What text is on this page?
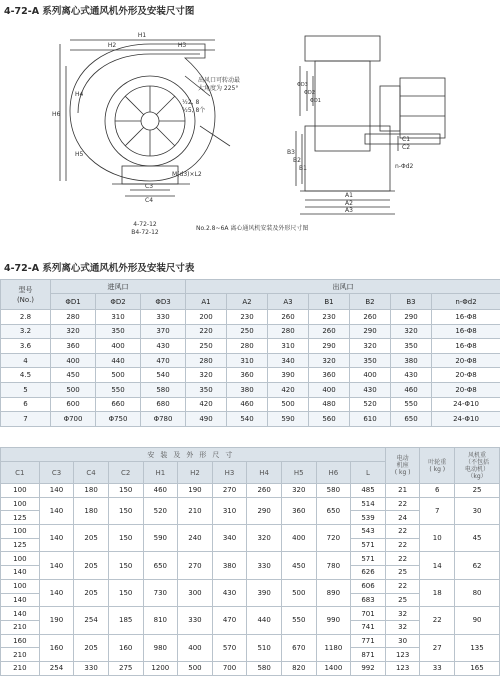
4-72-A 系列离心式通风机外形及安装尺寸图
H1
H2	H3
H4
H6
H5
出风口可转动最
大角度为 225°
½2, 8
½5, 8个
M(d3)×L2
C3
C4
ΦD3
ΦD2
ΦD1
B3
B2
B1
C1
C2
n-Φd2
A1
A2
A3
4-72-12
B4-72-12
No.2.8~6A 离心通风机安装及外形尺寸图
4-72-A 系列离心式通风机外形及安装尺寸表
型号
(No.)	进风口			出风口						
	ΦD1	ΦD2	ΦD3	A1	A2	A3	B1	B2	B3	n-Φd2
2.8	280	310	330	200	230	260	230	260	290	16-Φ8
3.2	320	350	370	220	250	280	260	290	320	16-Φ8
3.6	360	400	430	250	280	310	290	320	350	16-Φ8
4	400	440	470	280	310	340	320	350	380	20-Φ8
4.5	450	500	540	320	360	390	360	400	430	20-Φ8
5	500	550	580	350	380	420	400	430	460	20-Φ8
6	600	660	680	420	460	500	480	520	550	24-Φ10
7	Φ700	Φ750	Φ780	490	540	590	560	610	650	24-Φ10
安装及外形尺寸											电动
机座
( kg )	叶轮重
( kg )	风机重
（不包括
电动机）
（kg）
C1	C3	C4	C2	H1	H2	H3	H4	H5	H6	L			
100	140	180	150	460	190	270	260	320	580	485	21	6	25
100	140	180	150	520	210	310	290	360	650	514	22	7	30
125										539	24		
100	140	205	150	590	240	340	320	400	720	543	22	10	45
125										571	22		
100	140	205	150	650	270	380	330	450	780	571	22	14	62
140										626	25		
100	140	205	150	730	300	430	390	500	890	606	22	18	80
140										683	25		
140	190	254	185	810	330	470	440	550	990	701	32	22	90
210										741	32		
160	160	205	160	980	400	570	510	670	1180	771	30	27	135
210										871	123		
210	254	330	275	1200	500	700	580	820	1400	992	123	33	165
